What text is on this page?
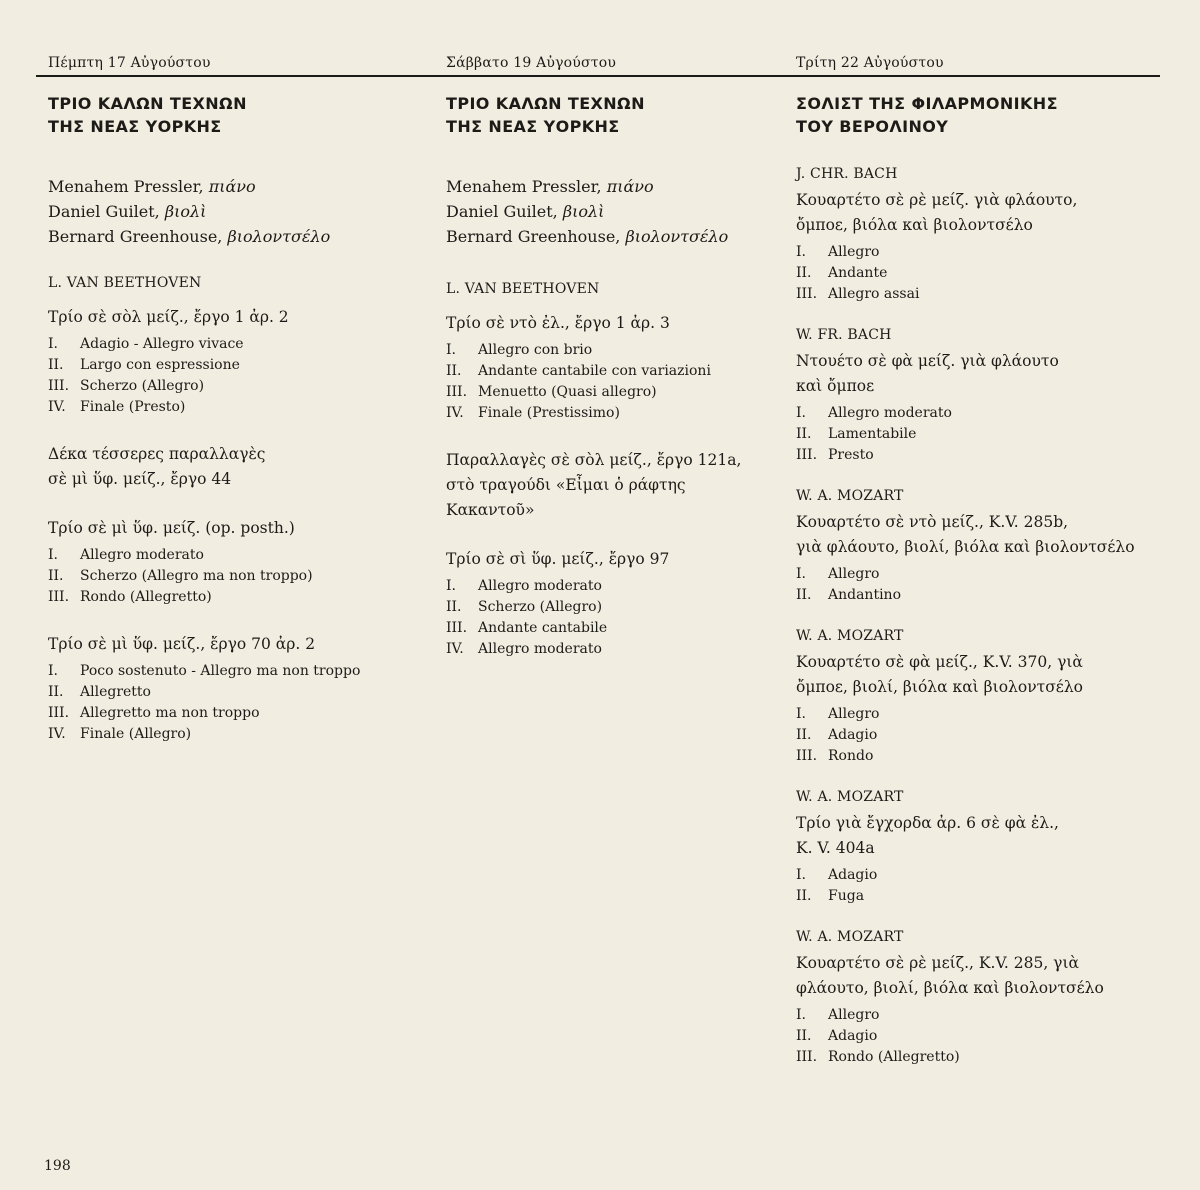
Πέμπτη 17 Αὐγούστου	Σάββατο 19 Αὐγούστου	Τρίτη 22 Αὐγούστου
ΤΡΙΟ ΚΑΛΩΝ ΤΕΧΝΩΝ
ΤΗΣ ΝΕΑΣ ΥΟΡΚΗΣ
Menahem Pressler, πιάνο
Daniel Guilet, βιολὶ
Bernard Greenhouse, βιολοντσέλο
L. VAN BEETHOVEN
Τρίο σὲ σὸλ μείζ., ἔργο 1 ἀρ. 2
I. Adagio - Allegro vivace
II. Largo con espressione
III. Scherzo (Allegro)
IV. Finale (Presto)
Δέκα τέσσερες παραλλαγὲς
σὲ μὶ ὕφ. μείζ., ἔργο 44
Τρίο σὲ μὶ ὕφ. μείζ. (op. posth.)
I. Allegro moderato
II. Scherzo (Allegro ma non troppo)
III. Rondo (Allegretto)
Τρίο σὲ μὶ ὕφ. μείζ., ἔργο 70 ἀρ. 2
I. Poco sostenuto - Allegro ma non troppo
II. Allegretto
III. Allegretto ma non troppo
IV. Finale (Allegro)
ΤΡΙΟ ΚΑΛΩΝ ΤΕΧΝΩΝ
ΤΗΣ ΝΕΑΣ ΥΟΡΚΗΣ
Menahem Pressler, πιάνο
Daniel Guilet, βιολὶ
Bernard Greenhouse, βιολοντσέλο
L. VAN BEETHOVEN
Τρίο σὲ ντὸ ἐλ., ἔργο 1 ἀρ. 3
I. Allegro con brio
II. Andante cantabile con variazioni
III. Menuetto (Quasi allegro)
IV. Finale (Prestissimo)
Παραλλαγὲς σὲ σὸλ μείζ., ἔργο 121a,
στὸ τραγούδι «Εἶμαι ὁ ράφτης
Κακαντοῦ»
Τρίο σὲ σὶ ὕφ. μείζ., ἔργο 97
I. Allegro moderato
II. Scherzo (Allegro)
III. Andante cantabile
IV. Allegro moderato
ΣΟΛΙΣΤ ΤΗΣ ΦΙΛΑΡΜΟΝΙΚΗΣ
ΤΟΥ ΒΕΡΟΛΙΝΟΥ
J. CHR. BACH
Κουαρτέτο σὲ ρὲ μείζ. γιὰ φλάουτο,
ὄμποε, βιόλα καὶ βιολοντσέλο
I. Allegro
II. Andante
III. Allegro assai
W. FR. BACH
Ντουέτο σὲ φὰ μείζ. γιὰ φλάουτο
καὶ ὄμποε
I. Allegro moderato
II. Lamentabile
III. Presto
W. A. MOZART
Κουαρτέτο σὲ ντὸ μείζ., K.V. 285b,
γιὰ φλάουτο, βιολί, βιόλα καὶ βιολοντσέλο
I. Allegro
II. Andantino
W. A. MOZART
Κουαρτέτο σὲ φὰ μείζ., K.V. 370, γιὰ
ὄμποε, βιολί, βιόλα καὶ βιολοντσέλο
I. Allegro
II. Adagio
III. Rondo
W. A. MOZART
Τρίο γιὰ ἔγχορδα ἀρ. 6 σὲ φὰ ἐλ.,
K. V. 404a
I. Adagio
II. Fuga
W. A. MOZART
Κουαρτέτο σὲ ρὲ μείζ., K.V. 285, γιὰ
φλάουτο, βιολί, βιόλα καὶ βιολοντσέλο
I. Allegro
II. Adagio
III. Rondo (Allegretto)
198
